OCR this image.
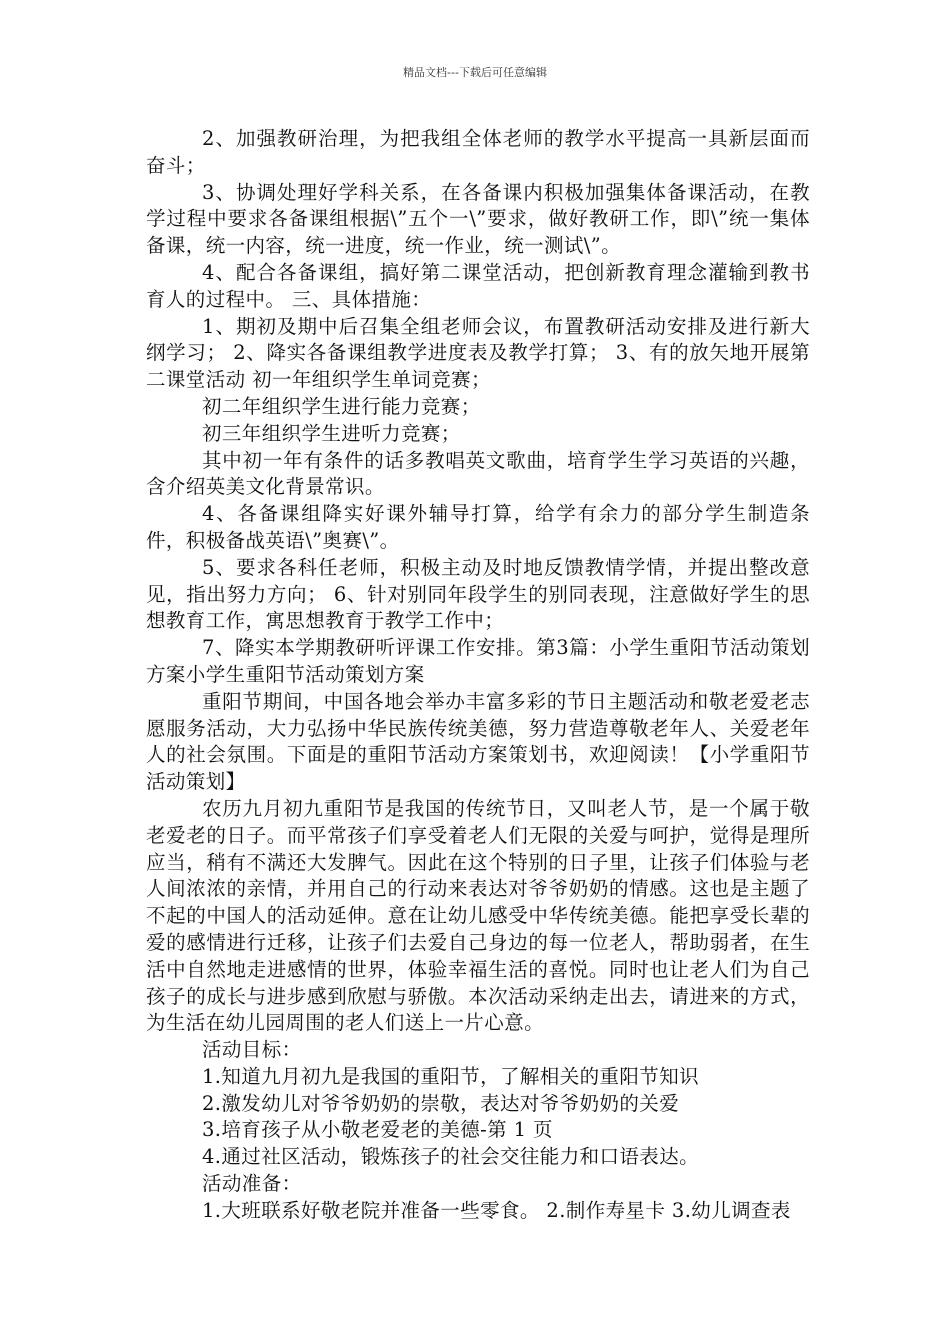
精品文档---下载后可任意编辑

2、加强教研治理，为把我组全体老师的教学水平提高一具新层面而奋斗；

3、协调处理好学科关系，在各备课内积极加强集体备课活动，在教学过程中要求各备课组根据\”五个一\”要求，做好教研工作，即\”统一集体备课，统一内容，统一进度，统一作业，统一测试\”。

4、配合各备课组，搞好第二课堂活动，把创新教育理念灌输到教书育人的过程中。 三、具体措施：

1、期初及期中后召集全组老师会议，布置教研活动安排及进行新大纲学习； 2、降实各备课组教学进度表及教学打算； 3、有的放矢地开展第二课堂活动 初一年组织学生单词竞赛；

初二年组织学生进行能力竞赛；

初三年组织学生进听力竞赛；

其中初一年有条件的话多教唱英文歌曲，培育学生学习英语的兴趣，含介绍英美文化背景常识。

4、各备课组降实好课外辅导打算，给学有余力的部分学生制造条件，积极备战英语\”奥赛\”。

5、要求各科任老师，积极主动及时地反馈教情学情，并提出整改意见，指出努力方向； 6、针对别同年段学生的别同表现，注意做好学生的思想教育工作，寓思想教育于教学工作中；

7、降实本学期教研听评课工作安排。第3篇：小学生重阳节活动策划方案小学生重阳节活动策划方案

重阳节期间，中国各地会举办丰富多彩的节日主题活动和敬老爱老志愿服务活动，大力弘扬中华民族传统美德，努力营造尊敬老年人、关爱老年人的社会氛围。下面是的重阳节活动方案策划书，欢迎阅读！【小学重阳节活动策划】

农历九月初九重阳节是我国的传统节日，又叫老人节，是一个属于敬老爱老的日子。而平常孩子们享受着老人们无限的关爱与呵护，觉得是理所应当，稍有不满还大发脾气。因此在这个特别的日子里，让孩子们体验与老人间浓浓的亲情，并用自己的行动来表达对爷爷奶奶的情感。这也是主题了不起的中国人的活动延伸。意在让幼儿感受中华传统美德。能把享受长辈的爱的感情进行迁移，让孩子们去爱自己身边的每一位老人，帮助弱者，在生活中自然地走进感情的世界，体验幸福生活的喜悦。同时也让老人们为自己孩子的成长与进步感到欣慰与骄傲。本次活动采纳走出去，请进来的方式，为生活在幼儿园周围的老人们送上一片心意。

活动目标：

1.知道九月初九是我国的重阳节，了解相关的重阳节知识

2.激发幼儿对爷爷奶奶的崇敬，表达对爷爷奶奶的关爱

3.培育孩子从小敬老爱老的美德-第 1 页

4.通过社区活动，锻炼孩子的社会交往能力和口语表达。

活动准备：

1.大班联系好敬老院并准备一些零食。 2.制作寿星卡 3.幼儿调查表
